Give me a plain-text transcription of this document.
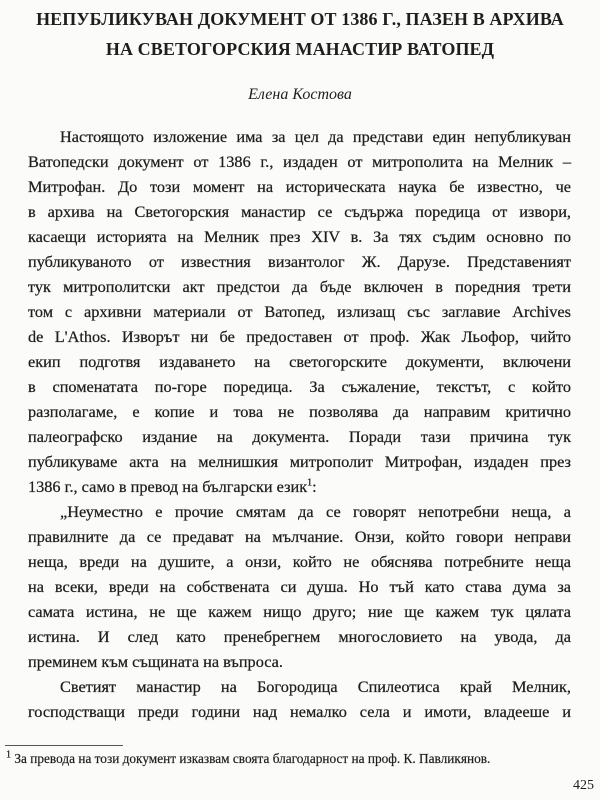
НЕПУБЛИКУВАН ДОКУМЕНТ ОТ 1386 Г., ПАЗЕН В АРХИВА
НА СВЕТОГОРСКИЯ МАНАСТИР ВАТОПЕД
Елена Костова
Настоящото изложение има за цел да представи един непубликуван
Ватопедски документ от 1386 г., издаден от митрополита на Мелник –
Митрофан. До този момент на историческата наука бе известно, че
в архива на Светогорския манастир се съдържа поредица от извори,
касаещи историята на Мелник през XIV в. За тях съдим основно по
публикуваното от известния византолог Ж. Дарузе. Представеният
тук митрополитски акт предстои да бъде включен в поредния трети
том с архивни материали от Ватопед, излизащ със заглавие Archives
de L'Athos. Изворът ни бе предоставен от проф. Жак Льофор, чийто
екип подготвя издаването на светогорските документи, включени
в споменатата по-горе поредица. За съжаление, текстът, с който
разполагаме, е копие и това не позволява да направим критично
палеографско издание на документа. Поради тази причина тук
публикуваме акта на мелнишкия митрополит Митрофан, издаден през
1386 г., само в превод на български език$^1$:
„Неуместно е прочие смятам да се говорят непотребни неща, а
правилните да се предават на мълчание. Онзи, който говори неправи
неща, вреди на душите, а онзи, който не обяснява потребните неща
на всеки, вреди на собствената си душа. Но тъй като става дума за
самата истина, не ще кажем нищо друго; ние ще кажем тук цялата
истина. И след като пренебрегнем многословието на увода, да
преминем към същината на въпроса.
Светият манастир на Богородица Спилеотиса край Мелник,
господстващи преди години над немалко села и имоти, владееше и
$^1$ За превода на този документ изказвам своята благодарност на проф. К. Павликянов.
425
